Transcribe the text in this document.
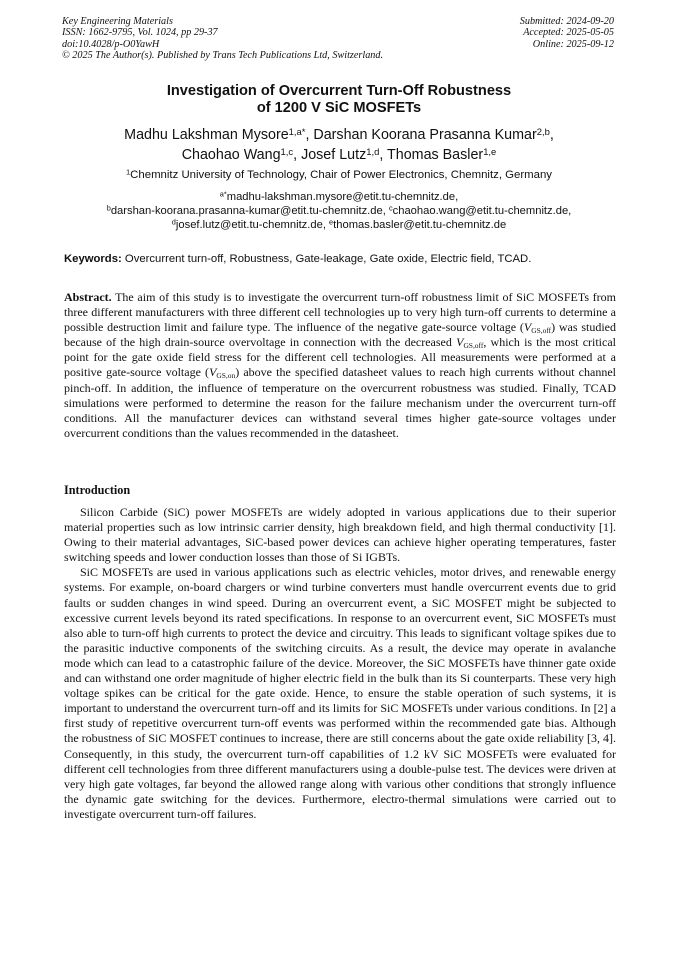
Key Engineering Materials
ISSN: 1662-9795, Vol. 1024, pp 29-37
doi:10.4028/p-O0YawH
© 2025 The Author(s). Published by Trans Tech Publications Ltd, Switzerland.
Submitted: 2024-09-20
Accepted: 2025-05-05
Online: 2025-09-12
Investigation of Overcurrent Turn-Off Robustness
of 1200 V SiC MOSFETs
Madhu Lakshman Mysore$^{1,a*}$, Darshan Koorana Prasanna Kumar$^{2,b}$,
Chaohao Wang$^{1,c}$, Josef Lutz$^{1,d}$, Thomas Basler$^{1,e}$
$^1$Chemnitz University of Technology, Chair of Power Electronics, Chemnitz, Germany
$^{a*}$madhu-lakshman.mysore@etit.tu-chemnitz.de,
$^b$darshan-koorana.prasanna-kumar@etit.tu-chemnitz.de, $^c$chaohao.wang@etit.tu-chemnitz.de,
$^d$josef.lutz@etit.tu-chemnitz.de, $^e$thomas.basler@etit.tu-chemnitz.de
Keywords: Overcurrent turn-off, Robustness, Gate-leakage, Gate oxide, Electric field, TCAD.
Abstract. The aim of this study is to investigate the overcurrent turn-off robustness limit of SiC MOSFETs from three different manufacturers with three different cell technologies up to very high turn-off currents to determine a possible destruction limit and failure type. The influence of the negative gate-source voltage $(V_{GS,off})$ was studied because of the high drain-source overvoltage in connection with the decreased $V_{GS,off}$, which is the most critical point for the gate oxide field stress for the different cell technologies. All measurements were performed at a positive gate-source voltage $(V_{GS,on})$ above the specified datasheet values to reach high currents without channel pinch-off. In addition, the influence of temperature on the overcurrent robustness was studied. Finally, TCAD simulations were performed to determine the reason for the failure mechanism under the overcurrent turn-off conditions. All the manufacturer devices can withstand several times higher gate-source voltages under overcurrent conditions than the values recommended in the datasheet.
Introduction

Silicon Carbide (SiC) power MOSFETs are widely adopted in various applications due to their superior material properties such as low intrinsic carrier density, high breakdown field, and high thermal conductivity [1]. Owing to their material advantages, SiC-based power devices can achieve higher operating temperatures, faster switching speeds and lower conduction losses than those of Si IGBTs.

SiC MOSFETs are used in various applications such as electric vehicles, motor drives, and renewable energy systems. For example, on-board chargers or wind turbine converters must handle overcurrent events due to grid faults or sudden changes in wind speed. During an overcurrent event, a SiC MOSFET might be subjected to excessive current levels beyond its rated specifications. In response to an overcurrent event, SiC MOSFETs must also able to turn-off high currents to protect the device and circuitry. This leads to significant voltage spikes due to the parasitic inductive components of the switching circuits. As a result, the device may operate in avalanche mode which can lead to a catastrophic failure of the device. Moreover, the SiC MOSFETs have thinner gate oxide and can withstand one order magnitude of higher electric field in the bulk than its Si counterparts. These very high voltage spikes can be critical for the gate oxide. Hence, to ensure the stable operation of such systems, it is important to understand the overcurrent turn-off and its limits for SiC MOSFETs under various conditions. In [2] a first study of repetitive overcurrent turn-off events was performed within the recommended gate bias. Although the robustness of SiC MOSFET continues to increase, there are still concerns about the gate oxide reliability [3, 4]. Consequently, in this study, the overcurrent turn-off capabilities of 1.2 kV SiC MOSFETs were evaluated for different cell technologies from three different manufacturers using a double-pulse test. The devices were driven at very high gate voltages, far beyond the allowed range along with various other conditions that strongly influence the dynamic gate switching for the devices. Furthermore, electro-thermal simulations were carried out to investigate overcurrent turn-off failures.
